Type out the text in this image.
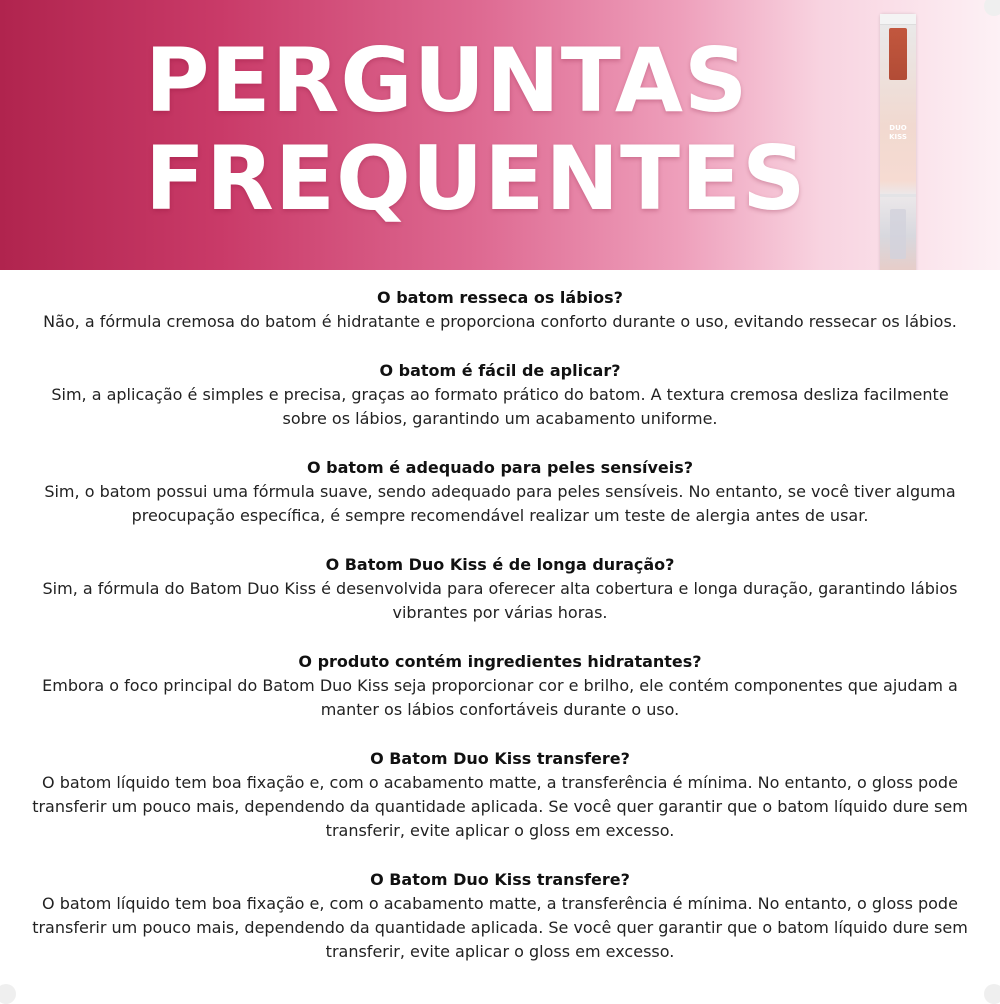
PERGUNTAS
FREQUENTES	DUO KISS

O batom resseca os lábios?

Não, a fórmula cremosa do batom é hidratante e proporciona conforto durante o uso, evitando ressecar os lábios.

O batom é fácil de aplicar?

Sim, a aplicação é simples e precisa, graças ao formato prático do batom. A textura cremosa desliza facilmente sobre os lábios, garantindo um acabamento uniforme.

O batom é adequado para peles sensíveis?

Sim, o batom possui uma fórmula suave, sendo adequado para peles sensíveis. No entanto, se você tiver alguma preocupação específica, é sempre recomendável realizar um teste de alergia antes de usar.

O Batom Duo Kiss é de longa duração?

Sim, a fórmula do Batom Duo Kiss é desenvolvida para oferecer alta cobertura e longa duração, garantindo lábios vibrantes por várias horas.

O produto contém ingredientes hidratantes?

Embora o foco principal do Batom Duo Kiss seja proporcionar cor e brilho, ele contém componentes que ajudam a manter os lábios confortáveis durante o uso.

O Batom Duo Kiss transfere?

O batom líquido tem boa fixação e, com o acabamento matte, a transferência é mínima. No entanto, o gloss pode transferir um pouco mais, dependendo da quantidade aplicada. Se você quer garantir que o batom líquido dure sem transferir, evite aplicar o gloss em excesso.

O Batom Duo Kiss transfere?

O batom líquido tem boa fixação e, com o acabamento matte, a transferência é mínima. No entanto, o gloss pode transferir um pouco mais, dependendo da quantidade aplicada. Se você quer garantir que o batom líquido dure sem transferir, evite aplicar o gloss em excesso.
